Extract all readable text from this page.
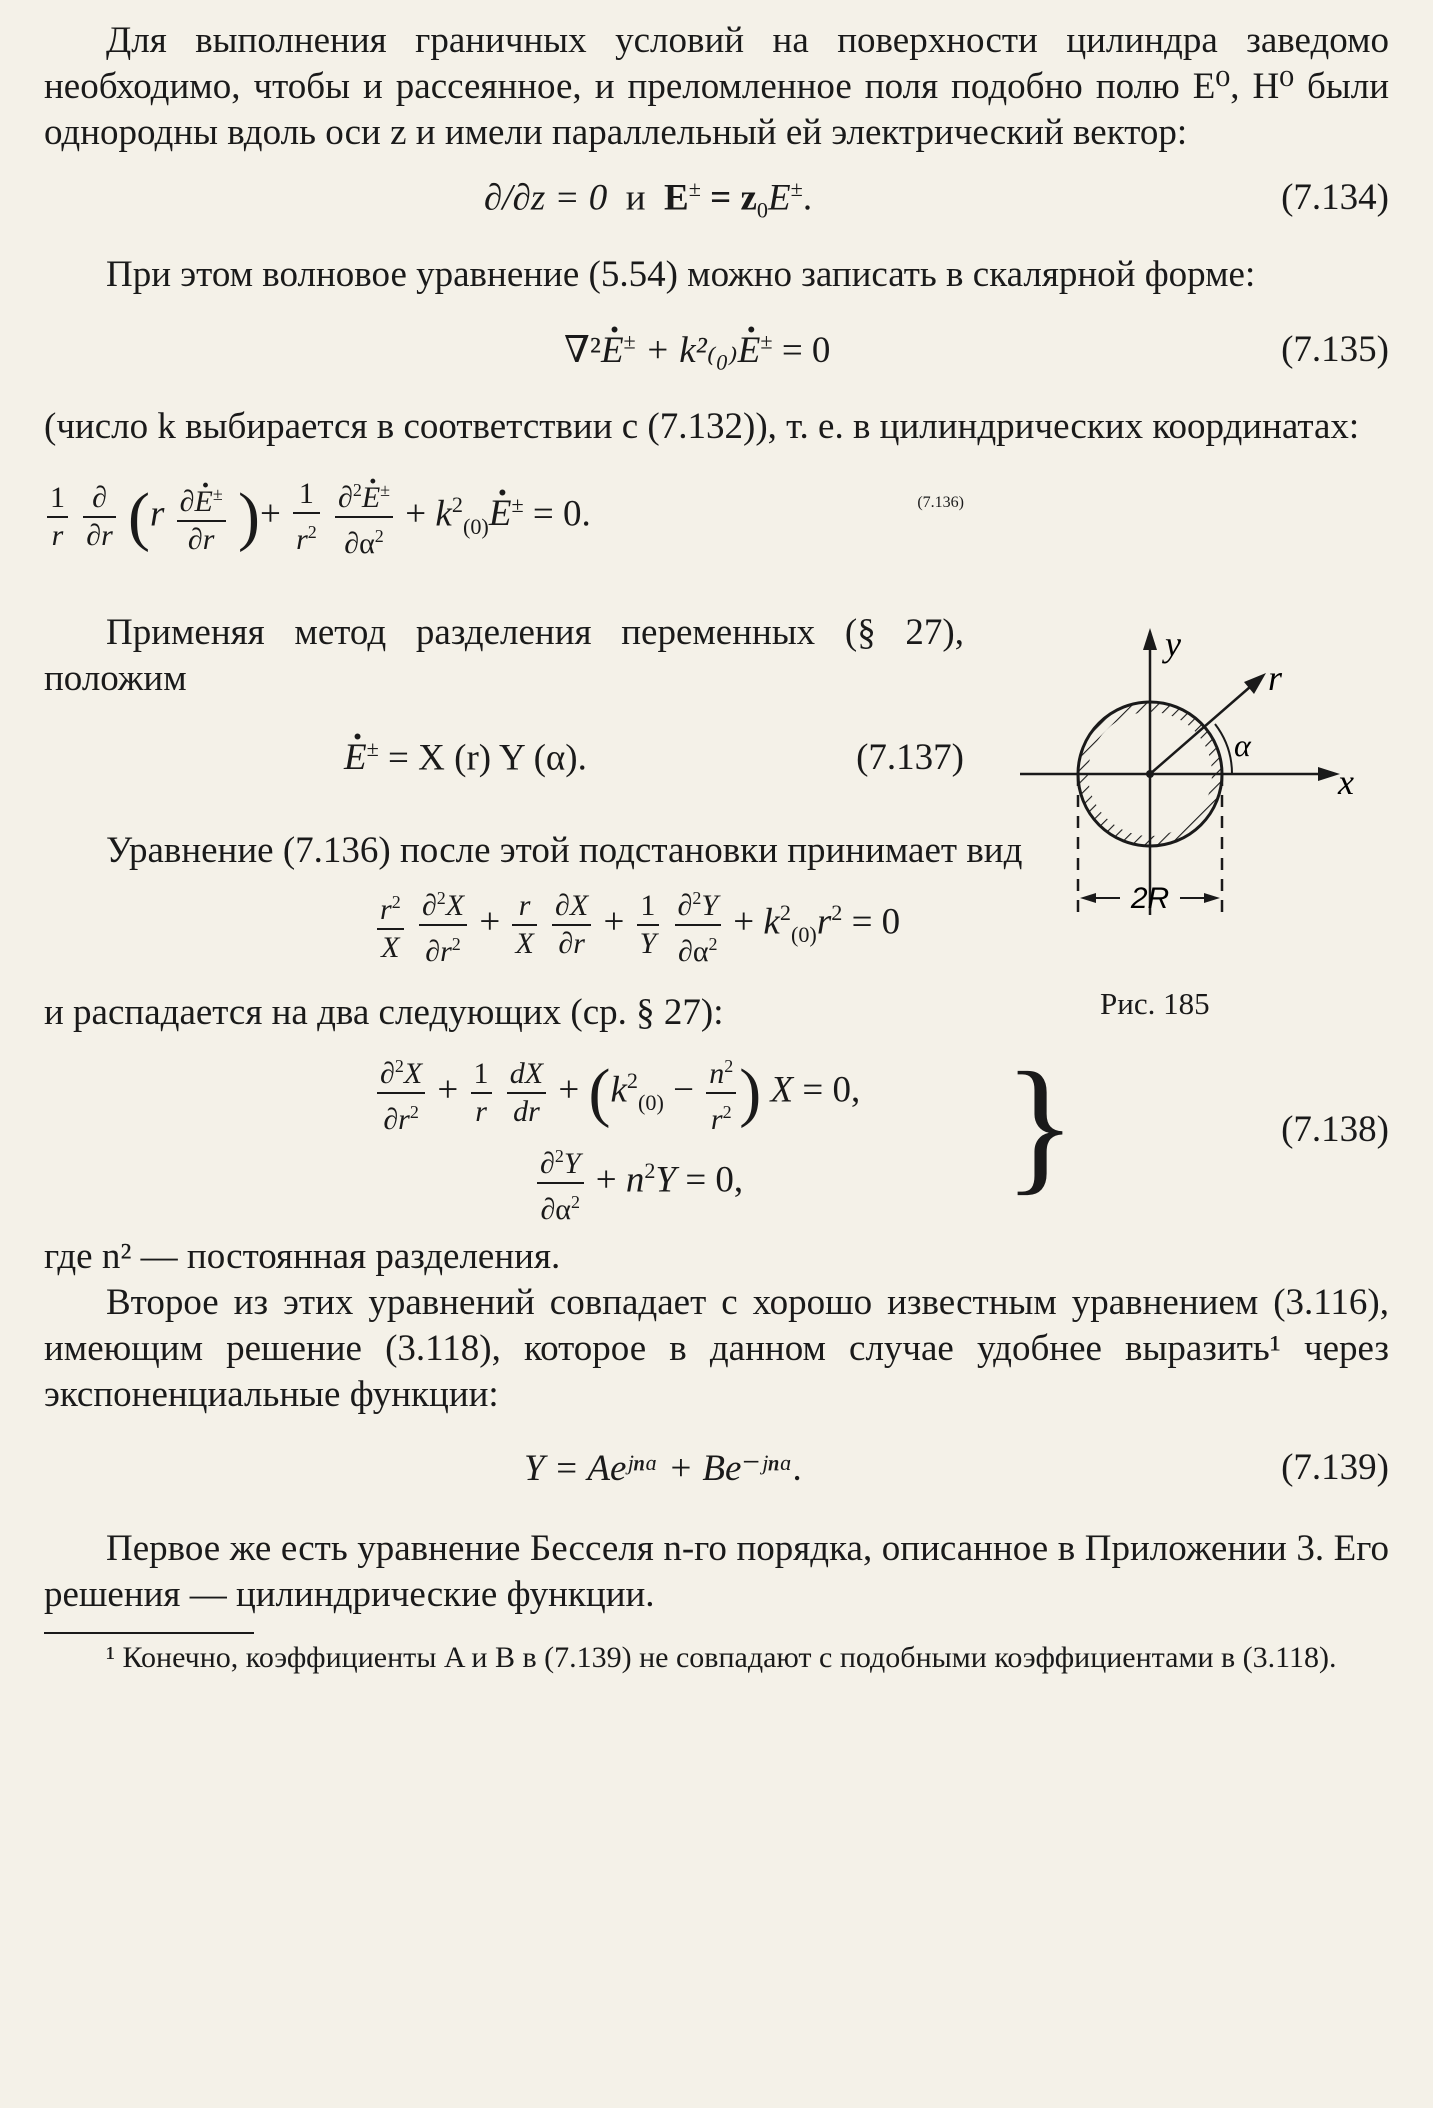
Для выполнения граничных условий на поверхности цилиндра заведомо необходимо, чтобы и рассеянное, и преломленное поля подобно полю E⁰, H⁰ были однородны вдоль оси z и имели параллельный ей электрический вектор:

∂/∂z = 0 и $E^\pm = z_0E^\pm$.	(7.134)

При этом волновое уравнение (5.54) можно записать в скалярной форме:

∇²· E± + k²₍₀₎· E± = 0	(7.135)

(число k выбирается в соответствии с (7.132)), т. е. в цилиндрических координатах:

$\frac{1}{r}$
$\frac{\partial}{\partial r} (r \frac{\partial\cdot E^\pm}{\partial r}$ )+ $\frac{1}{r^2}$
$\frac{\partial^2\cdot E^\pm}{\partial\alpha^2} + k^2_{(0)}\cdot E^\pm = 0$.	(7.136)

Применяя метод разделения переменных (§ 27), положим

· E± = X (r) Y (α).	(7.137)

Уравнение (7.136) после этой подстановки принимает вид

$\frac{r^2}{X}$
$\frac{\partial^2X}{\partial r^2} + \frac{r}{X}$
$\frac{\partial X}{\partial r} + \frac{1}{Y}$
$\frac{\partial^2Y}{\partial\alpha^2} + k^2_{(0)}r^2 = 0$

и распадается на два следующих (ср. § 27):

$\frac{\partial^2X}{\partial r^2} + \frac{1}{r}$
$\frac{dX}{dr} + (k^2_{(0)} - \frac{n^2}{r^2}$ ) X = 0,
$\frac{\partial^2Y}{\partial\alpha^2} + n^2Y = 0$, }	(7.138)

где n² — постоянная разделения.

Второе из этих уравнений совпадает с хорошо известным уравнением (3.116), имеющим решение (3.118), которое в данном случае удобнее выразить¹ через экспоненциальные функции:

Y = Aeʲⁿᵅ + Be⁻ʲⁿᵅ.	(7.139)

Первое же есть уравнение Бесселя n-го порядка, описанное в Приложении 3. Его решения — цилиндрические функции.

¹ Конечно, коэффициенты A и B в (7.139) не совпадают с подобными коэффициентами в (3.118).

2R
y
r
α
x
Рис. 185
